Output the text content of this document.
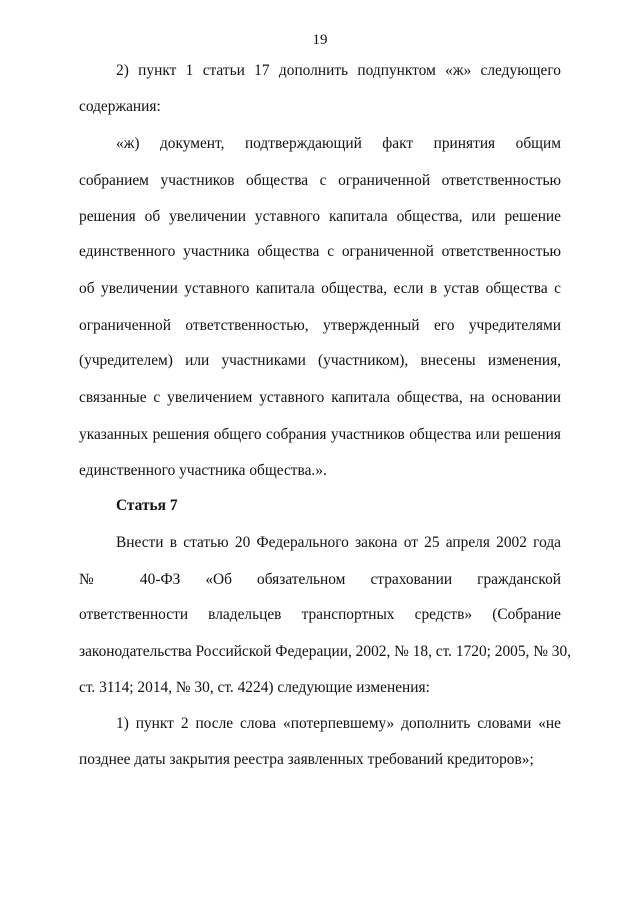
19
2) пункт 1 статьи 17 дополнить подпунктом «ж» следующего
содержания:
«ж) документ, подтверждающий факт принятия общим
собранием участников общества с ограниченной ответственностью
решения об увеличении уставного капитала общества, или решение
единственного участника общества с ограниченной ответственностью
об увеличении уставного капитала общества, если в устав общества с
ограниченной ответственностью, утвержденный его учредителями
(учредителем) или участниками (участником), внесены изменения,
связанные с увеличением уставного капитала общества, на основании
указанных решения общего собрания участников общества или решения
единственного участника общества.».
Статья 7
Внести в статью 20 Федерального закона от 25 апреля 2002 года
№ 40-ФЗ «Об обязательном страховании гражданской
ответственности владельцев транспортных средств» (Собрание
законодательства Российской Федерации, 2002, № 18, ст. 1720; 2005, № 30,
ст. 3114; 2014, № 30, ст. 4224) следующие изменения:
1) пункт 2 после слова «потерпевшему» дополнить словами «не
позднее даты закрытия реестра заявленных требований кредиторов»;
